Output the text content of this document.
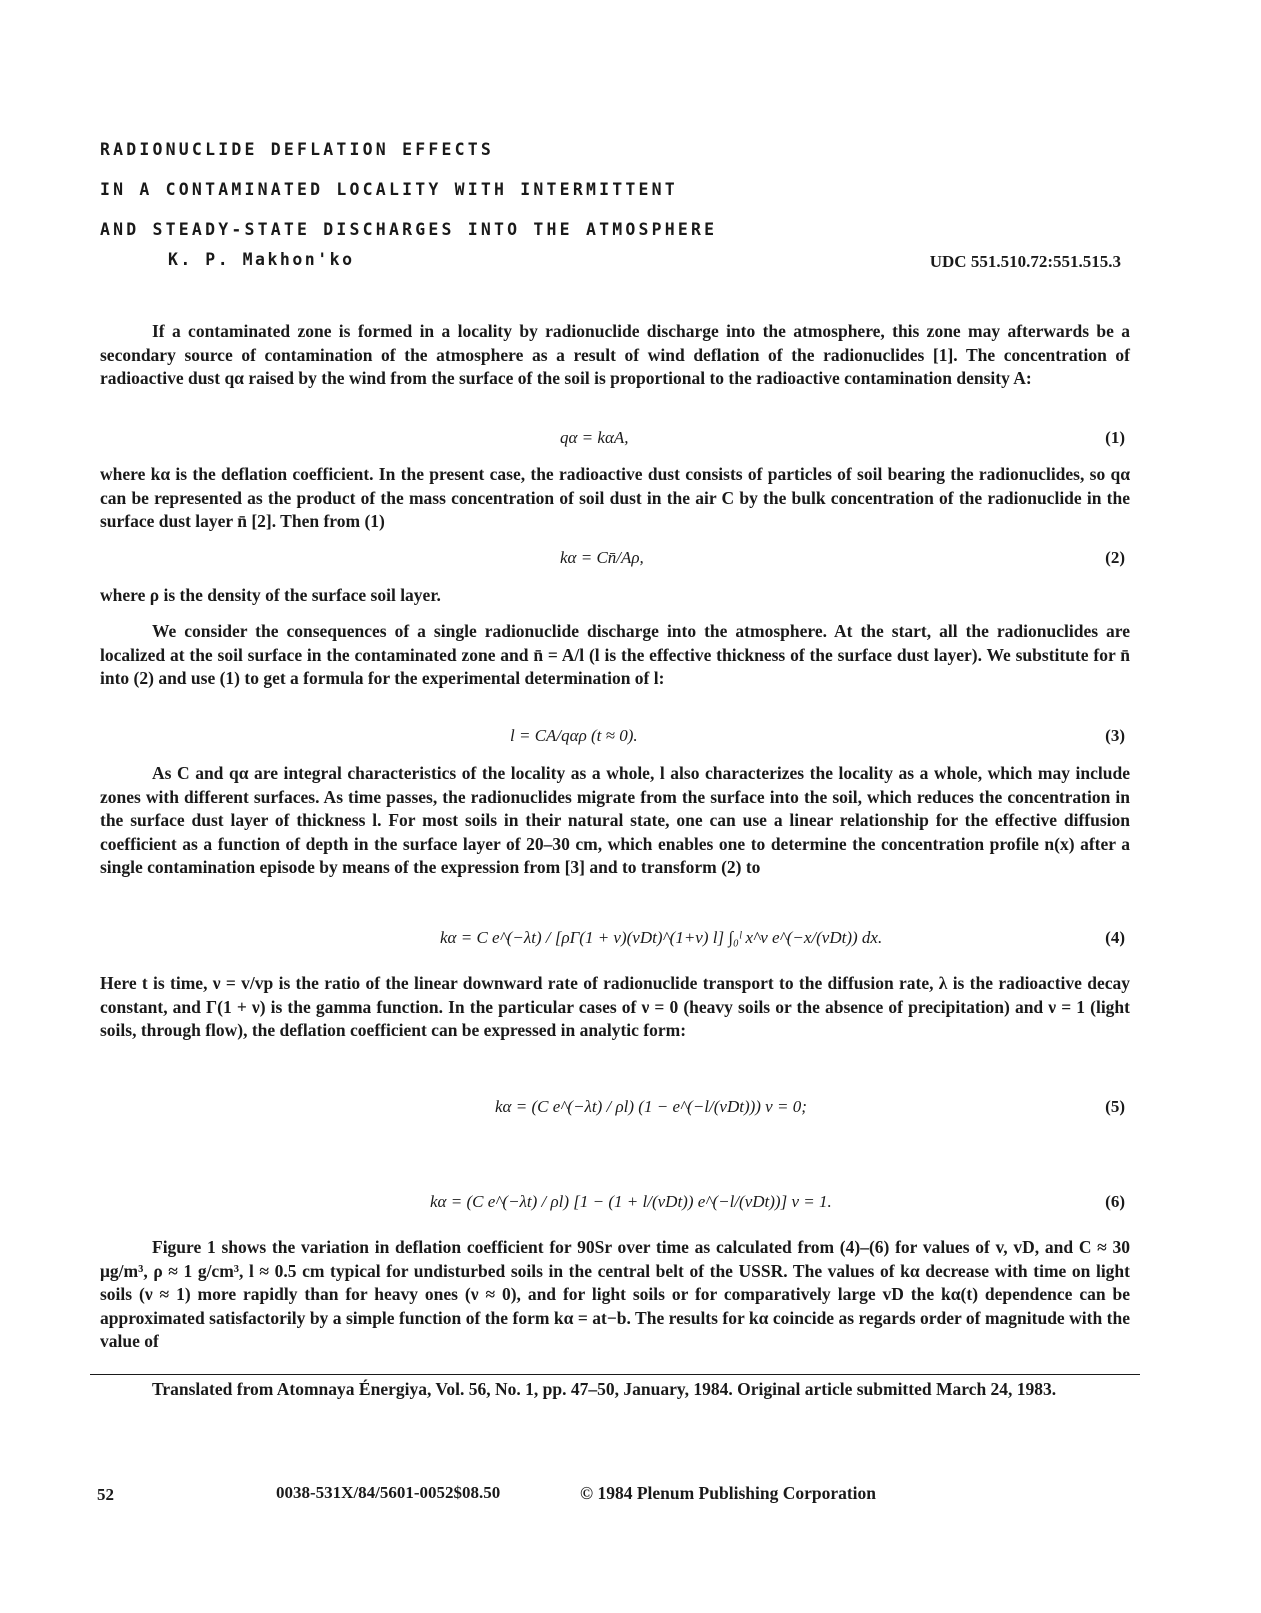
RADIONUCLIDE DEFLATION EFFECTS
IN A CONTAMINATED LOCALITY WITH INTERMITTENT
AND STEADY-STATE DISCHARGES INTO THE ATMOSPHERE
K. P. Makhon'ko	UDC 551.510.72:551.515.3
If a contaminated zone is formed in a locality by radionuclide discharge into the atmosphere, this zone may afterwards be a secondary source of contamination of the atmosphere as a result of wind deflation of the radionuclides [1]. The concentration of radioactive dust qα raised by the wind from the surface of the soil is proportional to the radioactive contamination density A:
qα = kαA,	(1)
where kα is the deflation coefficient. In the present case, the radioactive dust consists of particles of soil bearing the radionuclides, so qα can be represented as the product of the mass concentration of soil dust in the air C by the bulk concentration of the radionuclide in the surface dust layer n̄ [2]. Then from (1)
kα = Cn̄/Aρ,	(2)
where ρ is the density of the surface soil layer.
We consider the consequences of a single radionuclide discharge into the atmosphere. At the start, all the radionuclides are localized at the soil surface in the contaminated zone and n̄ = A/l (l is the effective thickness of the surface dust layer). We substitute for n̄ into (2) and use (1) to get a formula for the experimental determination of l:
l = CA/qαρ (t ≈ 0).	(3)
As C and qα are integral characteristics of the locality as a whole, l also characterizes the locality as a whole, which may include zones with different surfaces. As time passes, the radionuclides migrate from the surface into the soil, which reduces the concentration in the surface dust layer of thickness l. For most soils in their natural state, one can use a linear relationship for the effective diffusion coefficient as a function of depth in the surface layer of 20–30 cm, which enables one to determine the concentration profile n(x) after a single contamination episode by means of the expression from [3] and to transform (2) to
kα = C e^(−λt) / [ρΓ(1 + ν)(vDt)^(1+ν) l] ∫₀ˡ x^ν e^(−x/(vDt)) dx.	(4)
Here t is time, ν = v/vp is the ratio of the linear downward rate of radionuclide transport to the diffusion rate, λ is the radioactive decay constant, and Γ(1 + ν) is the gamma function. In the particular cases of ν = 0 (heavy soils or the absence of precipitation) and ν = 1 (light soils, through flow), the deflation coefficient can be expressed in analytic form:
kα = (C e^(−λt) / ρl) (1 − e^(−l/(vDt))) ν = 0;	(5)
kα = (C e^(−λt) / ρl) [1 − (1 + l/(vDt)) e^(−l/(vDt))] ν = 1.	(6)
Figure 1 shows the variation in deflation coefficient for 90Sr over time as calculated from (4)–(6) for values of v, vD, and C ≈ 30 μg/m³, ρ ≈ 1 g/cm³, l ≈ 0.5 cm typical for undisturbed soils in the central belt of the USSR. The values of kα decrease with time on light soils (ν ≈ 1) more rapidly than for heavy ones (ν ≈ 0), and for light soils or for comparatively large vD the kα(t) dependence can be approximated satisfactorily by a simple function of the form kα = at−b. The results for kα coincide as regards order of magnitude with the value of
Translated from Atomnaya Énergiya, Vol. 56, No. 1, pp. 47–50, January, 1984. Original article submitted March 24, 1983.
52	0038-531X/84/5601-0052$08.50	© 1984 Plenum Publishing Corporation
